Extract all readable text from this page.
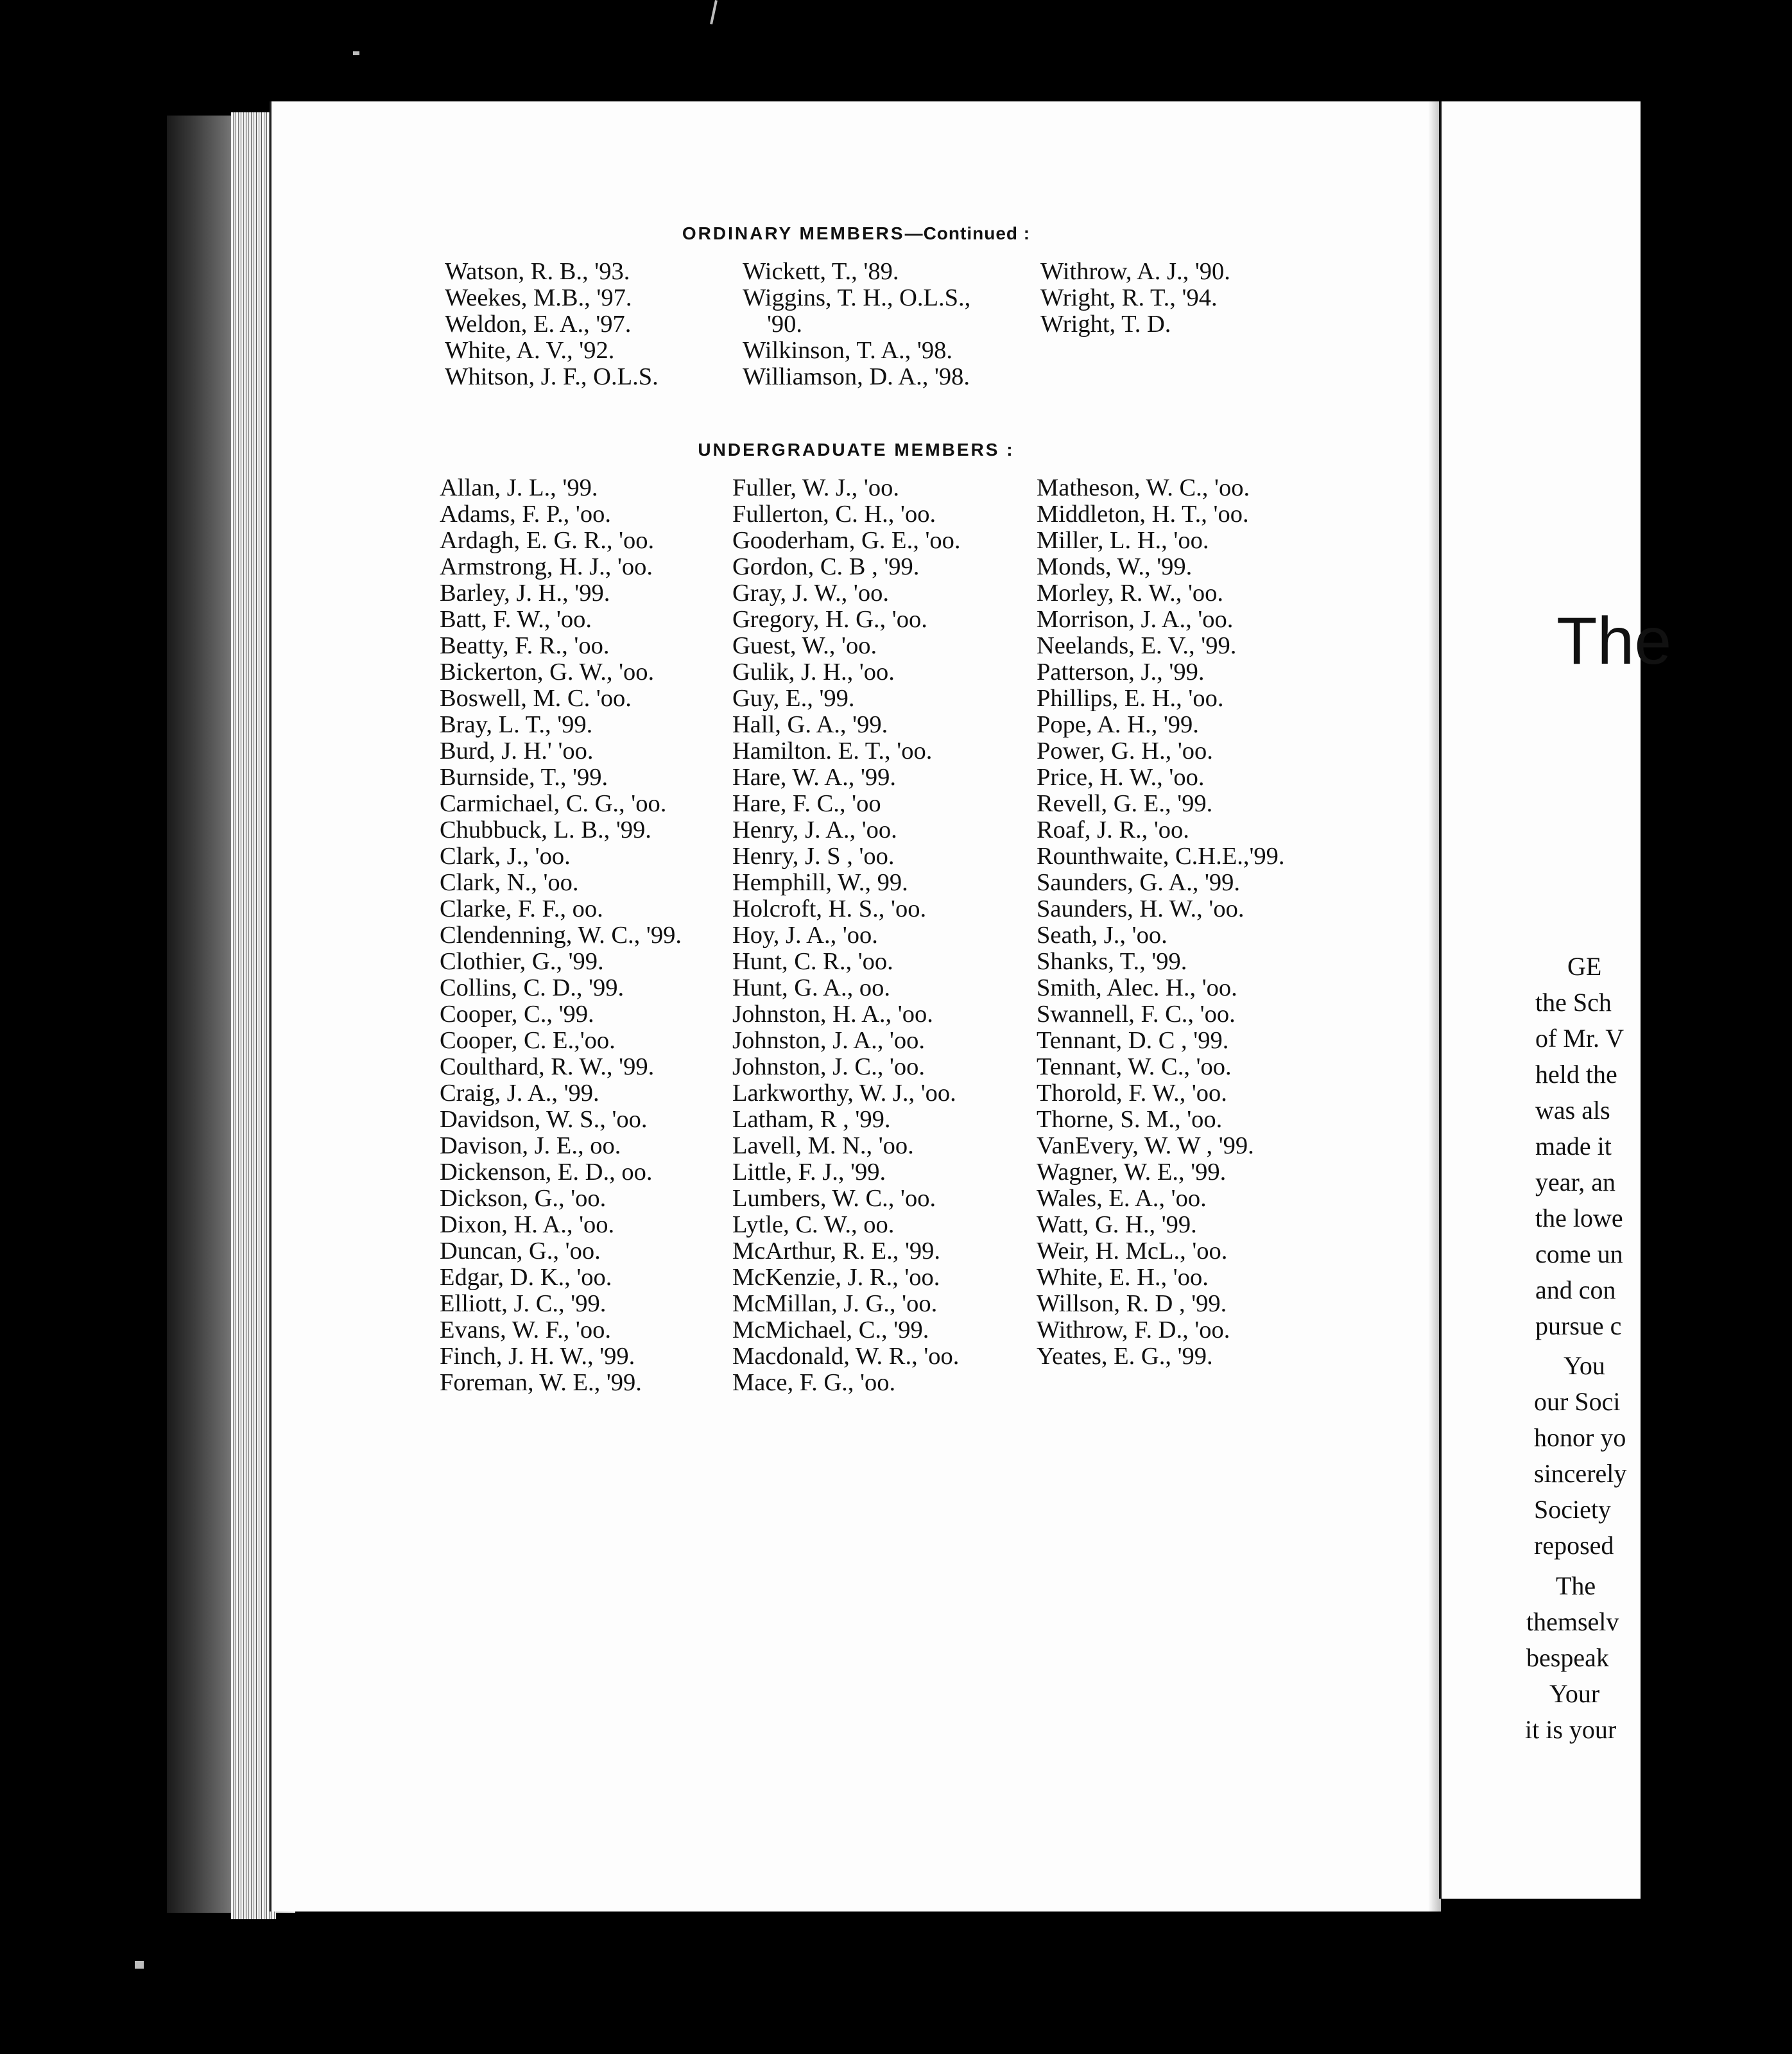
ORDINARY MEMBERS—Continued :
Watson, R. B., '93.
Weekes, M.B., '97.
Weldon, E. A., '97.
White, A. V., '92.
Whitson, J. F., O.L.S.
Wickett, T., '89.
Wiggins, T. H., O.L.S.,
'90.
Wilkinson, T. A., '98.
Williamson, D. A., '98.
Withrow, A. J., '90.
Wright, R. T., '94.
Wright, T. D.
UNDERGRADUATE MEMBERS :
Allan, J. L., '99.
Adams, F. P., 'oo.
Ardagh, E. G. R., 'oo.
Armstrong, H. J., 'oo.
Barley, J. H., '99.
Batt, F. W., 'oo.
Beatty, F. R., 'oo.
Bickerton, G. W., 'oo.
Boswell, M. C. 'oo.
Bray, L. T., '99.
Burd, J. H.' 'oo.
Burnside, T., '99.
Carmichael, C. G., 'oo.
Chubbuck, L. B., '99.
Clark, J., 'oo.
Clark, N., 'oo.
Clarke, F. F., oo.
Clendenning, W. C., '99.
Clothier, G., '99.
Collins, C. D., '99.
Cooper, C., '99.
Cooper, C. E.,'oo.
Coulthard, R. W., '99.
Craig, J. A., '99.
Davidson, W. S., 'oo.
Davison, J. E., oo.
Dickenson, E. D., oo.
Dickson, G., 'oo.
Dixon, H. A., 'oo.
Duncan, G., 'oo.
Edgar, D. K., 'oo.
Elliott, J. C., '99.
Evans, W. F., 'oo.
Finch, J. H. W., '99.
Foreman, W. E., '99.
Fuller, W. J., 'oo.
Fullerton, C. H., 'oo.
Gooderham, G. E., 'oo.
Gordon, C. B , '99.
Gray, J. W., 'oo.
Gregory, H. G., 'oo.
Guest, W., 'oo.
Gulik, J. H., 'oo.
Guy, E., '99.
Hall, G. A., '99.
Hamilton. E. T., 'oo.
Hare, W. A., '99.
Hare, F. C., 'oo
Henry, J. A., 'oo.
Henry, J. S , 'oo.
Hemphill, W., 99.
Holcroft, H. S., 'oo.
Hoy, J. A., 'oo.
Hunt, C. R., 'oo.
Hunt, G. A., oo.
Johnston, H. A., 'oo.
Johnston, J. A., 'oo.
Johnston, J. C., 'oo.
Larkworthy, W. J., 'oo.
Latham, R , '99.
Lavell, M. N., 'oo.
Little, F. J., '99.
Lumbers, W. C., 'oo.
Lytle, C. W., oo.
McArthur, R. E., '99.
McKenzie, J. R., 'oo.
McMillan, J. G., 'oo.
McMichael, C., '99.
Macdonald, W. R., 'oo.
Mace, F. G., 'oo.
Matheson, W. C., 'oo.
Middleton, H. T., 'oo.
Miller, L. H., 'oo.
Monds, W., '99.
Morley, R. W., 'oo.
Morrison, J. A., 'oo.
Neelands, E. V., '99.
Patterson, J., '99.
Phillips, E. H., 'oo.
Pope, A. H., '99.
Power, G. H., 'oo.
Price, H. W., 'oo.
Revell, G. E., '99.
Roaf, J. R., 'oo.
Rounthwaite, C.H.E.,'99.
Saunders, G. A., '99.
Saunders, H. W., 'oo.
Seath, J., 'oo.
Shanks, T., '99.
Smith, Alec. H., 'oo.
Swannell, F. C., 'oo.
Tennant, D. C , '99.
Tennant, W. C., 'oo.
Thorold, F. W., 'oo.
Thorne, S. M., 'oo.
VanEvery, W. W , '99.
Wagner, W. E., '99.
Wales, E. A., 'oo.
Watt, G. H., '99.
Weir, H. McL., 'oo.
White, E. H., 'oo.
Willson, R. D , '99.
Withrow, F. D., 'oo.
Yeates, E. G., '99.
The
GE
the Sch
of Mr. V
held the
was als
made it
year, an
the lowe
come un
and con
pursue c
You
our Soci
honor yo
sincerely
Society
reposed
The
themselv
bespeak
Your
it is your
